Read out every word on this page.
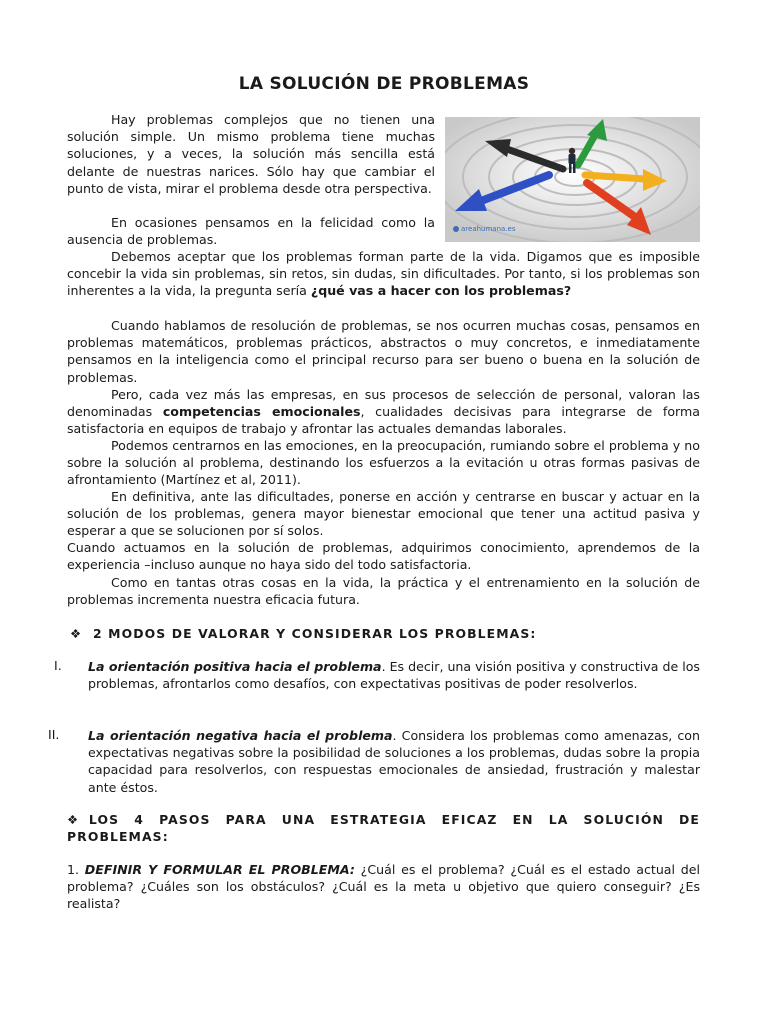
LA SOLUCIÓN DE PROBLEMAS
areahumana.es

Hay problemas complejos que no tienen una solución simple. Un mismo problema tiene muchas soluciones, y a veces, la solución más sencilla está delante de nuestras narices. Sólo hay que cambiar el punto de vista, mirar el problema desde otra perspectiva.

En ocasiones pensamos en la felicidad como la ausencia de problemas.

Debemos aceptar que los problemas forman parte de la vida. Digamos que es imposible concebir la vida sin problemas, sin retos, sin dudas, sin dificultades. Por tanto, si los problemas son inherentes a la vida, la pregunta sería ¿qué vas a hacer con los problemas?

Cuando hablamos de resolución de problemas, se nos ocurren muchas cosas, pensamos en problemas matemáticos, problemas prácticos, abstractos o muy concretos, e inmediatamente pensamos en la inteligencia como el principal recurso para ser bueno o buena en la solución de problemas.

Pero, cada vez más las empresas, en sus procesos de selección de personal, valoran las denominadas competencias emocionales, cualidades decisivas para integrarse de forma satisfactoria en equipos de trabajo y afrontar las actuales demandas laborales.

Podemos centrarnos en las emociones, en la preocupación, rumiando sobre el problema y no sobre la solución al problema, destinando los esfuerzos a la evitación u otras formas pasivas de afrontamiento (Martínez et al, 2011).

En definitiva, ante las dificultades, ponerse en acción y centrarse en buscar y actuar en la solución de los problemas, genera mayor bienestar emocional que tener una actitud pasiva y esperar a que se solucionen por sí solos.

Cuando actuamos en la solución de problemas, adquirimos conocimiento, aprendemos de la experiencia –incluso aunque no haya sido del todo satisfactoria.

Como en tantas otras cosas en la vida, la práctica y el entrenamiento en la solución de problemas incrementa nuestra eficacia futura.

❖ 2 MODOS DE VALORAR Y CONSIDERAR LOS PROBLEMAS:
I. La orientación positiva hacia el problema. Es decir, una visión positiva y constructiva de los problemas, afrontarlos como desafíos, con expectativas positivas de poder resolverlos.

II. La orientación negativa hacia el problema. Considera los problemas como amenazas, con expectativas negativas sobre la posibilidad de soluciones a los problemas, dudas sobre la propia capacidad para resolverlos, con respuestas emocionales de ansiedad, frustración y malestar ante éstos.

❖LOS 4 PASOS PARA UNA ESTRATEGIA EFICAZ EN LA SOLUCIÓN DE PROBLEMAS:

1. DEFINIR Y FORMULAR EL PROBLEMA: ¿Cuál es el problema? ¿Cuál es el estado actual del problema? ¿Cuáles son los obstáculos? ¿Cuál es la meta u objetivo que quiero conseguir? ¿Es realista?
